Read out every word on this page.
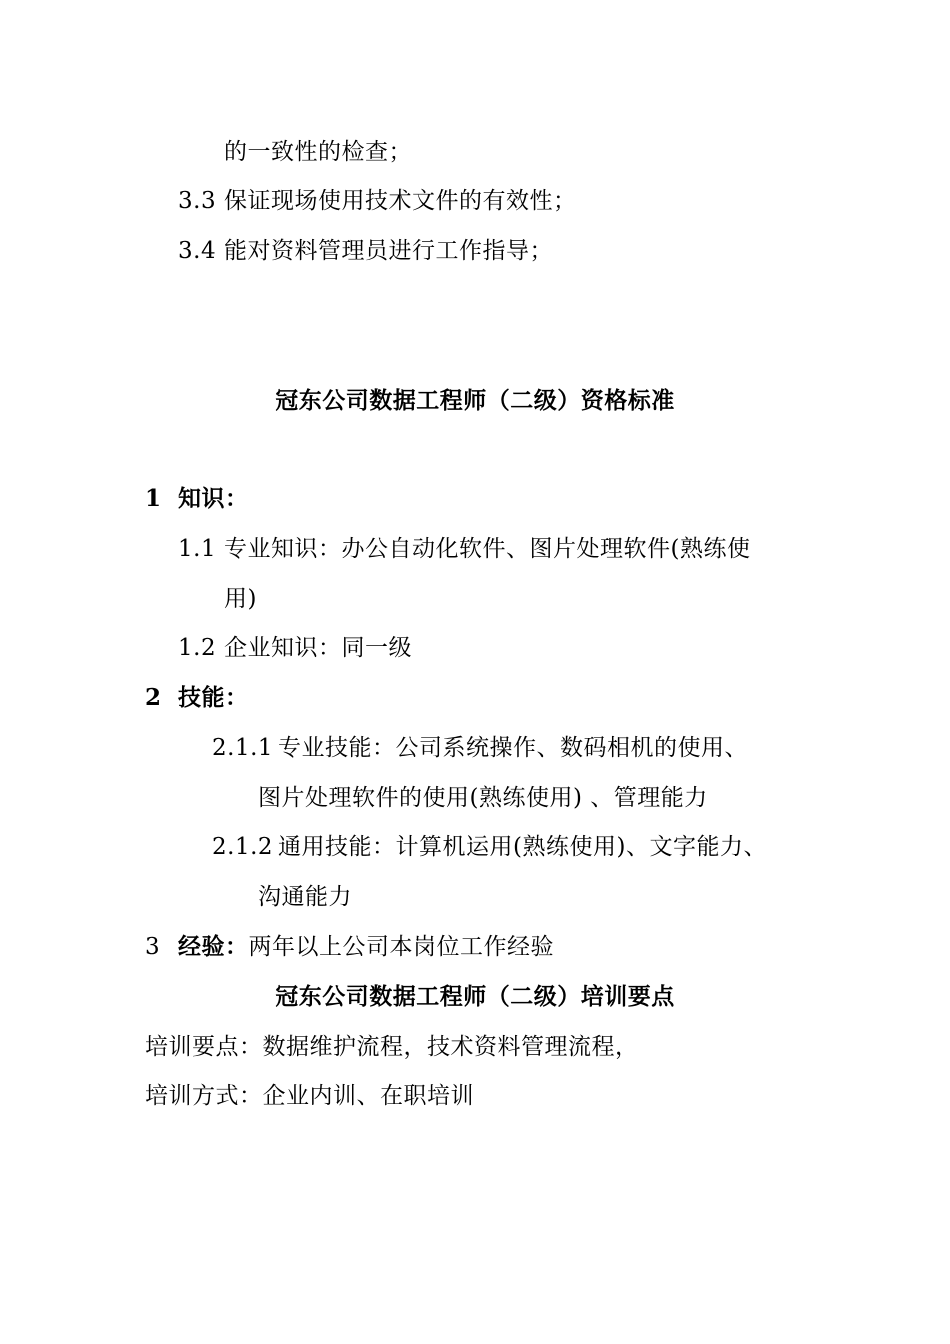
的一致性的检查；
3.3 保证现场使用技术文件的有效性；
3.4 能对资料管理员进行工作指导；
冠东公司数据工程师（二级）资格标准
1 知识：
1.1 专业知识：办公自动化软件、图片处理软件(熟练使
用)
1.2 企业知识：同一级
2 技能：
2.1.1 专业技能：公司系统操作、数码相机的使用、
图片处理软件的使用(熟练使用) 、管理能力
2.1.2 通用技能：计算机运用(熟练使用)、文字能力、
沟通能力
3 经验：两年以上公司本岗位工作经验
冠东公司数据工程师（二级）培训要点
培训要点：数据维护流程，技术资料管理流程，
培训方式：企业内训、在职培训
